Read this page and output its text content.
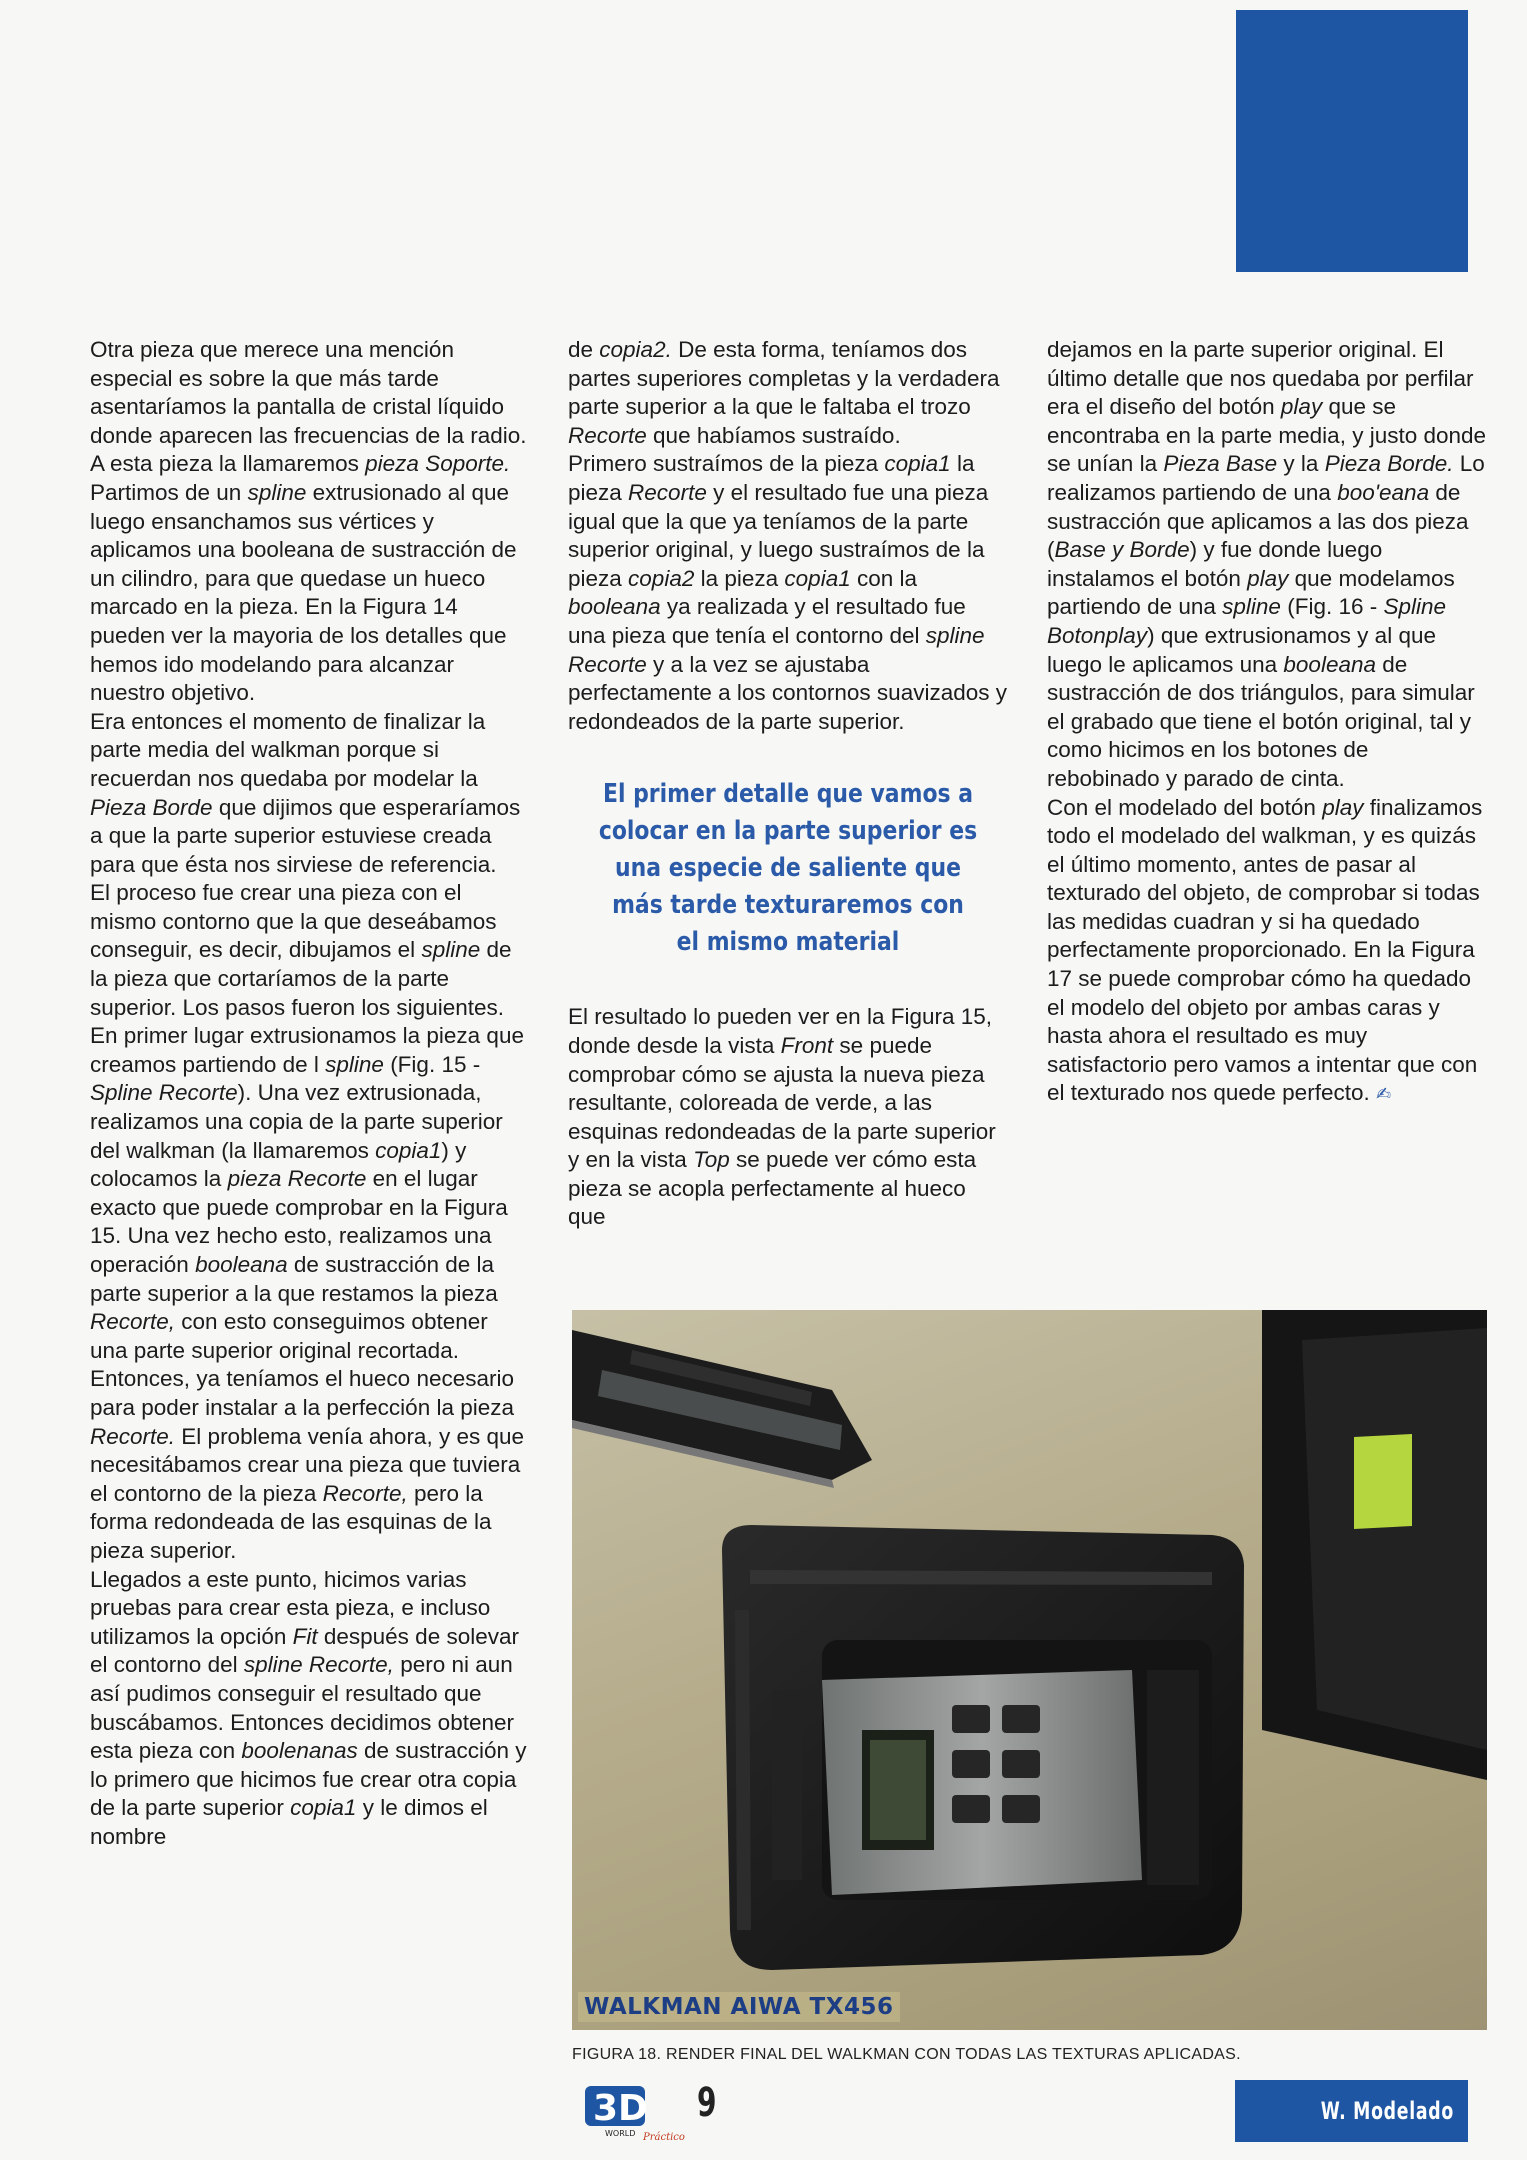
Otra pieza que merece una mención especial es sobre la que más tarde asentaríamos la pantalla de cristal líquido donde aparecen las frecuencias de la radio. A esta pieza la llamaremos pieza Soporte.

Partimos de un spline extrusionado al que luego ensanchamos sus vértices y aplicamos una booleana de sustracción de un cilindro, para que quedase un hueco marcado en la pieza. En la Figura 14 pueden ver la mayoria de los detalles que hemos ido modelando para alcanzar nuestro objetivo.

Era entonces el momento de finalizar la parte media del walkman porque si recuerdan nos quedaba por modelar la Pieza Borde que dijimos que esperaríamos a que la parte superior estuviese creada para que ésta nos sirviese de referencia.

El proceso fue crear una pieza con el mismo contorno que la que deseábamos conseguir, es decir, dibujamos el spline de la pieza que cortaríamos de la parte superior. Los pasos fueron los siguientes.

En primer lugar extrusionamos la pieza que creamos partiendo de l spline (Fig. 15 -Spline Recorte). Una vez extrusionada, realizamos una copia de la parte superior del walkman (la llamaremos copia1) y colocamos la pieza Recorte en el lugar exacto que puede comprobar en la Figura 15. Una vez hecho esto, realizamos una operación booleana de sustracción de la parte superior a la que restamos la pieza Recorte, con esto conseguimos obtener una parte superior original recortada. Entonces, ya teníamos el hueco necesario para poder instalar a la perfección la pieza Recorte. El problema venía ahora, y es que necesitábamos crear una pieza que tuviera el contorno de la pieza Recorte, pero la forma redondeada de las esquinas de la pieza superior.

Llegados a este punto, hicimos varias pruebas para crear esta pieza, e incluso utilizamos la opción Fit después de solevar el contorno del spline Recorte, pero ni aun así pudimos conseguir el resultado que buscábamos. Entonces decidimos obtener esta pieza con boolenanas de sustracción y lo primero que hicimos fue crear otra copia de la parte superior copia1 y le dimos el nombre

de copia2. De esta forma, teníamos dos partes superiores completas y la verdadera parte superior a la que le faltaba el trozo Recorte que habíamos sustraído.

Primero sustraímos de la pieza copia1 la pieza Recorte y el resultado fue una pieza igual que la que ya teníamos de la parte superior original, y luego sustraímos de la pieza copia2 la pieza copia1 con la booleana ya realizada y el resultado fue una pieza que tenía el contorno del spline Recorte y a la vez se ajustaba perfectamente a los contornos suavizados y redondeados de la parte superior.

El primer detalle que vamos a colocar en la parte superior es una especie de saliente que más tarde texturaremos con el mismo material

El resultado lo pueden ver en la Figura 15, donde desde la vista Front se puede comprobar cómo se ajusta la nueva pieza resultante, coloreada de verde, a las esquinas redondeadas de la parte superior y en la vista Top se puede ver cómo esta pieza se acopla perfectamente al hueco que

dejamos en la parte superior original. El último detalle que nos quedaba por perfilar era el diseño del botón play que se encontraba en la parte media, y justo donde se unían la Pieza Base y la Pieza Borde. Lo realizamos partiendo de una boo'eana de sustracción que aplicamos a las dos pieza (Base y Borde) y fue donde luego instalamos el botón play que modelamos partiendo de una spline (Fig. 16 - Spline Botonplay) que extrusionamos y al que luego le aplicamos una booleana de sustracción de dos triángulos, para simular el grabado que tiene el botón original, tal y como hicimos en los botones de rebobinado y parado de cinta.

Con el modelado del botón play finalizamos todo el modelado del walkman, y es quizás el último momento, antes de pasar al texturado del objeto, de comprobar si todas las medidas cuadran y si ha quedado perfectamente proporcionado. En la Figura 17 se puede comprobar cómo ha quedado el modelo del objeto por ambas caras y hasta ahora el resultado es muy satisfactorio pero vamos a intentar que con el texturado nos quede perfecto. ✍

WALKMAN AIWA TX456
FIGURA 18. RENDER FINAL DEL WALKMAN CON TODAS LAS TEXTURAS APLICADAS.
3D
WORLD Práctico
9	W. Modelado
